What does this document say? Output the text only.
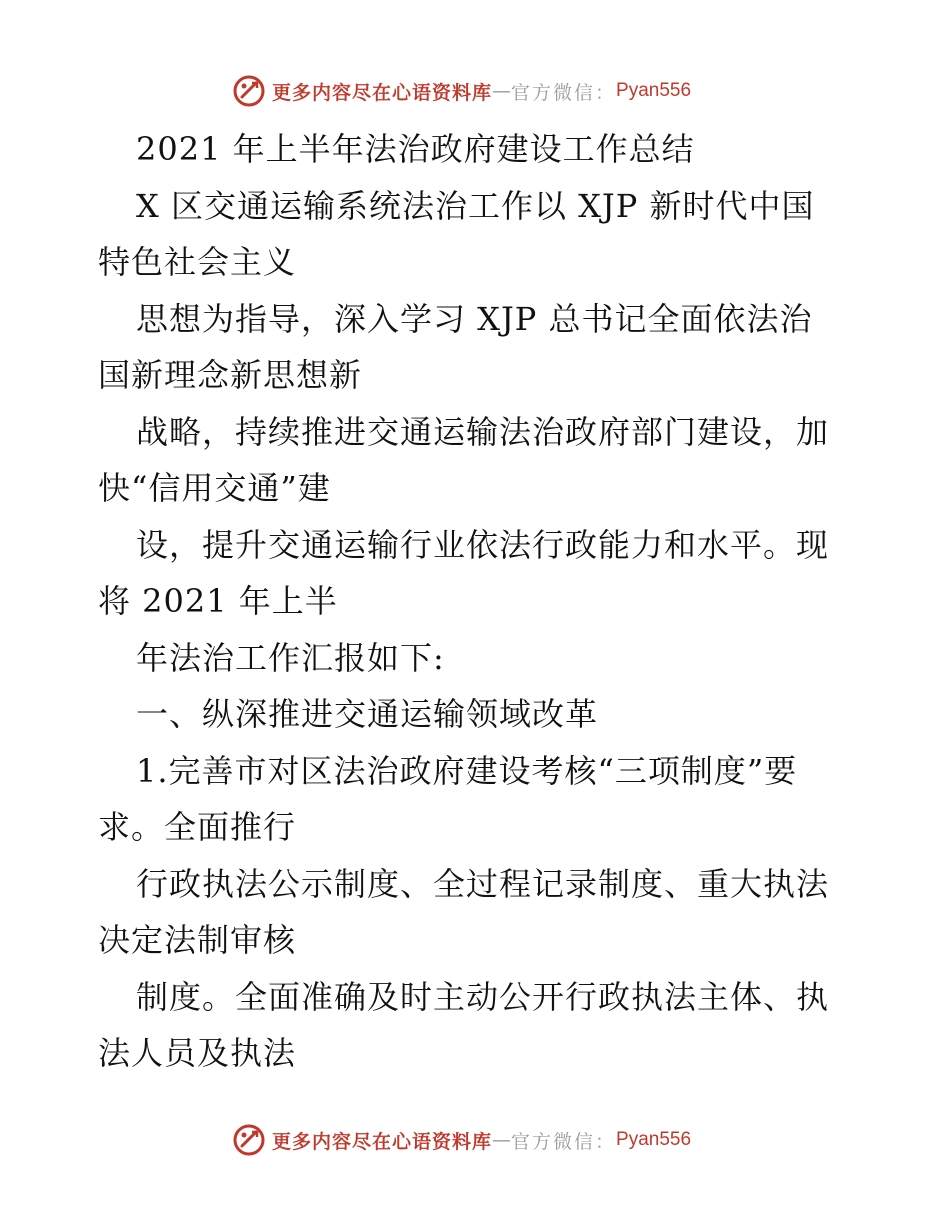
更多内容尽在心语资料库 — 官方微信： Pyan556
2021 年上半年法治政府建设工作总结
X 区交通运输系统法治工作以 XJP 新时代中国
特色社会主义
思想为指导，深入学习 XJP 总书记全面依法治
国新理念新思想新
战略，持续推进交通运输法治政府部门建设，加
快“信用交通”建
设，提升交通运输行业依法行政能力和水平。现
将 2021 年上半
年法治工作汇报如下:
一、纵深推进交通运输领域改革
1.完善市对区法治政府建设考核“三项制度”要
求。全面推行
行政执法公示制度、全过程记录制度、重大执法
决定法制审核
制度。全面准确及时主动公开行政执法主体、执
法人员及执法
更多内容尽在心语资料库 — 官方微信： Pyan556
